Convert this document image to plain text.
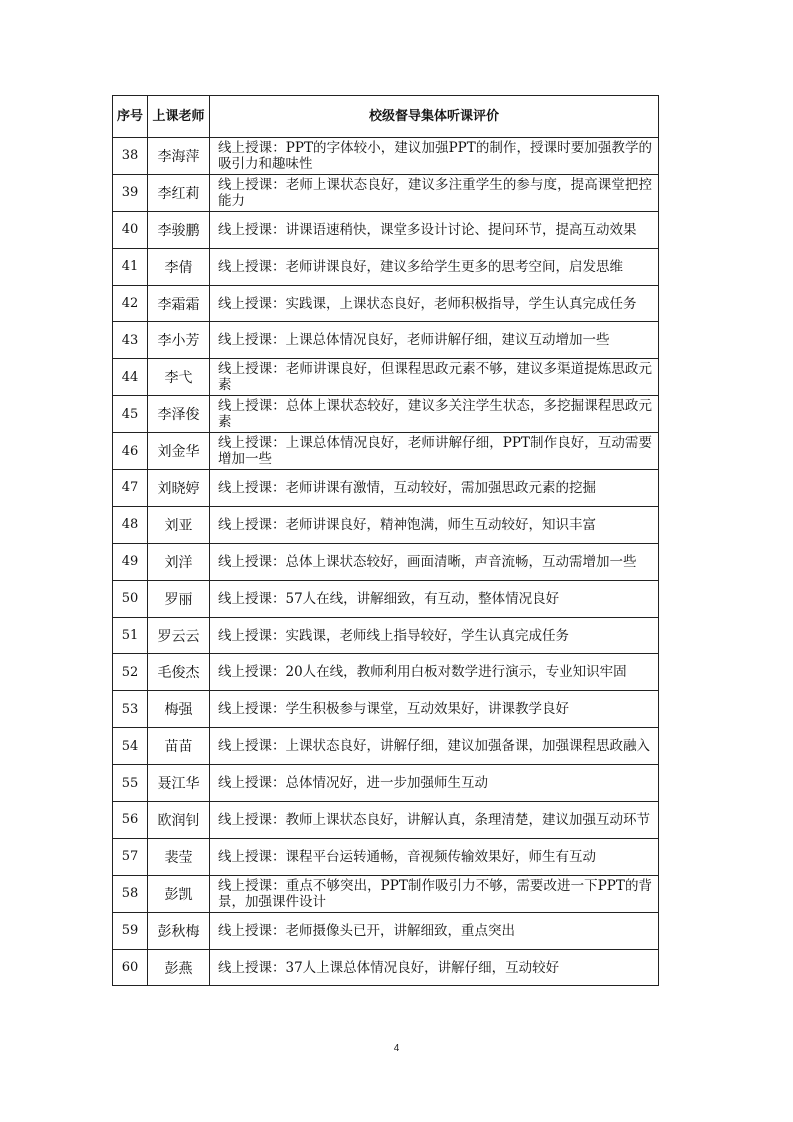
序号	上课老师	校级督导集体听课评价
38	李海萍	线上授课：PPT的字体较小，建议加强PPT的制作，授课时要加强教学的吸引力和趣味性
39	李红莉	线上授课：老师上课状态良好，建议多注重学生的参与度，提高课堂把控能力
40	李骏鹏	线上授课：讲课语速稍快，课堂多设计讨论、提问环节，提高互动效果
41	李倩	线上授课：老师讲课良好，建议多给学生更多的思考空间，启发思维
42	李霜霜	线上授课：实践课，上课状态良好，老师积极指导，学生认真完成任务
43	李小芳	线上授课：上课总体情况良好，老师讲解仔细，建议互动增加一些
44	李弋	线上授课：老师讲课良好，但课程思政元素不够，建议多渠道提炼思政元素
45	李泽俊	线上授课：总体上课状态较好，建议多关注学生状态，多挖掘课程思政元素
46	刘金华	线上授课：上课总体情况良好，老师讲解仔细，PPT制作良好，互动需要增加一些
47	刘晓婷	线上授课：老师讲课有激情，互动较好，需加强思政元素的挖掘
48	刘亚	线上授课：老师讲课良好，精神饱满，师生互动较好，知识丰富
49	刘洋	线上授课：总体上课状态较好，画面清晰，声音流畅，互动需增加一些
50	罗丽	线上授课：57人在线，讲解细致，有互动，整体情况良好
51	罗云云	线上授课：实践课，老师线上指导较好，学生认真完成任务
52	毛俊杰	线上授课：20人在线，教师利用白板对数学进行演示，专业知识牢固
53	梅强	线上授课：学生积极参与课堂，互动效果好，讲课教学良好
54	苗苗	线上授课：上课状态良好，讲解仔细，建议加强备课，加强课程思政融入
55	聂江华	线上授课：总体情况好，进一步加强师生互动
56	欧润钊	线上授课：教师上课状态良好，讲解认真，条理清楚，建议加强互动环节
57	裴莹	线上授课：课程平台运转通畅，音视频传输效果好，师生有互动
58	彭凯	线上授课：重点不够突出，PPT制作吸引力不够，需要改进一下PPT的背景，加强课件设计
59	彭秋梅	线上授课：老师摄像头已开，讲解细致，重点突出
60	彭燕	线上授课：37人上课总体情况良好，讲解仔细，互动较好
4
